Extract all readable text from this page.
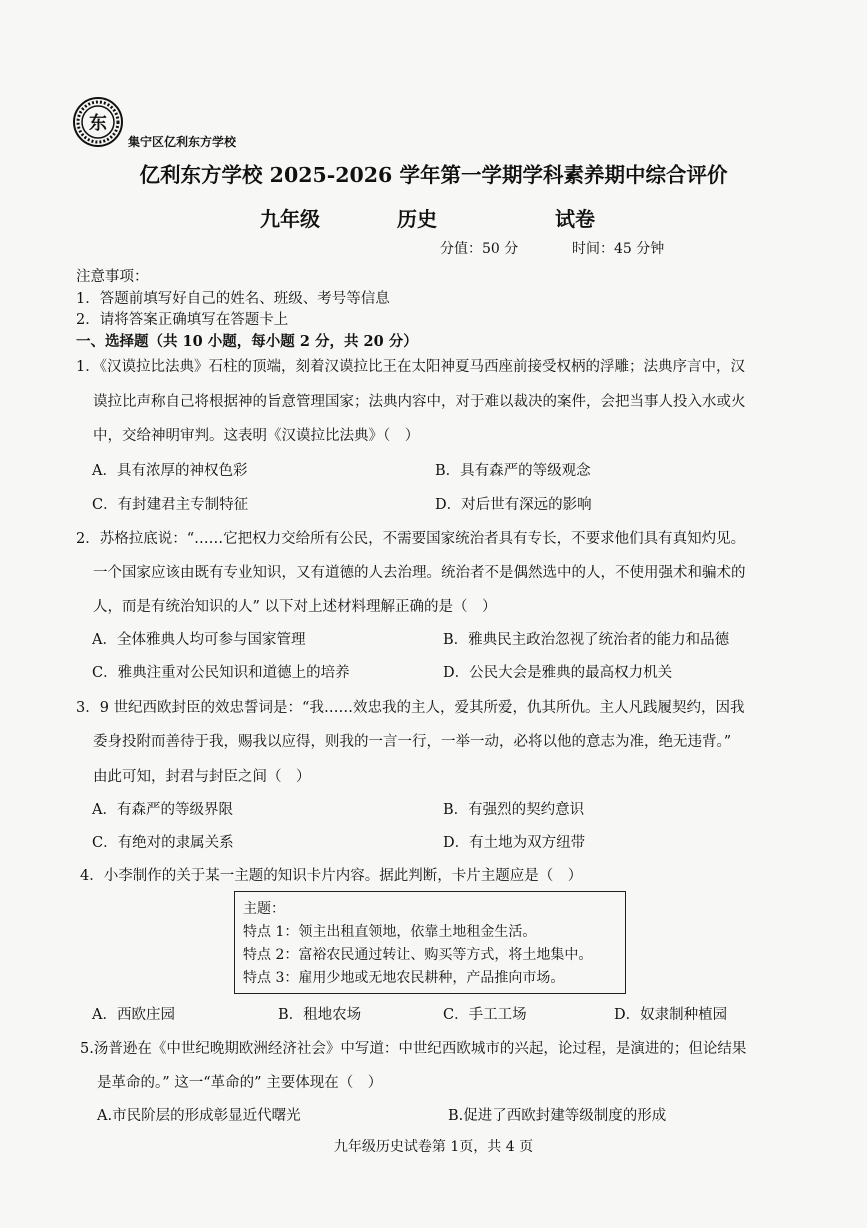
东
集宁区亿利东方学校
亿利东方学校 2025-2026 学年第一学期学科素养期中综合评价
九年级	历史	试卷
分值：50 分	时间：45 分钟
注意事项：
1．答题前填写好自己的姓名、班级、考号等信息
2．请将答案正确填写在答题卡上
一、选择题（共 10 小题，每小题 2 分，共 20 分）
1．《汉谟拉比法典》石柱的顶端，刻着汉谟拉比王在太阳神夏马西座前接受权柄的浮雕；法典序言中，汉
谟拉比声称自己将根据神的旨意管理国家；法典内容中，对于难以裁决的案件，会把当事人投入水或火
中，交给神明审判。这表明《汉谟拉比法典》（　）
A．具有浓厚的神权色彩	B．具有森严的等级观念
C．有封建君主专制特征	D．对后世有深远的影响
2．苏格拉底说：“……它把权力交给所有公民，不需要国家统治者具有专长，不要求他们具有真知灼见。
一个国家应该由既有专业知识，又有道德的人去治理。统治者不是偶然选中的人，不使用强术和骗术的
人，而是有统治知识的人” 以下对上述材料理解正确的是（　）
A．全体雅典人均可参与国家管理	B．雅典民主政治忽视了统治者的能力和品德
C．雅典注重对公民知识和道德上的培养	D．公民大会是雅典的最高权力机关
3．9 世纪西欧封臣的效忠誓词是：“我……效忠我的主人，爱其所爱，仇其所仇。主人凡践履契约，因我
委身投附而善待于我，赐我以应得，则我的一言一行，一举一动，必将以他的意志为准，绝无违背。”
由此可知，封君与封臣之间（　）
A．有森严的等级界限	B．有强烈的契约意识
C．有绝对的隶属关系	D．有土地为双方纽带
4．小李制作的关于某一主题的知识卡片内容。据此判断，卡片主题应是（　）
主题：
特点 1：领主出租直领地，依靠土地租金生活。
特点 2：富裕农民通过转让、购买等方式，将土地集中。
特点 3：雇用少地或无地农民耕种，产品推向市场。
A．西欧庄园	B．租地农场	C．手工工场	D．奴隶制种植园
5.汤普逊在《中世纪晚期欧洲经济社会》中写道：中世纪西欧城市的兴起，论过程，是演进的；但论结果
是革命的。” 这一“革命的” 主要体现在（　）
A.市民阶层的形成彰显近代曙光	B.促进了西欧封建等级制度的形成
九年级历史试卷第 1页，共 4 页
